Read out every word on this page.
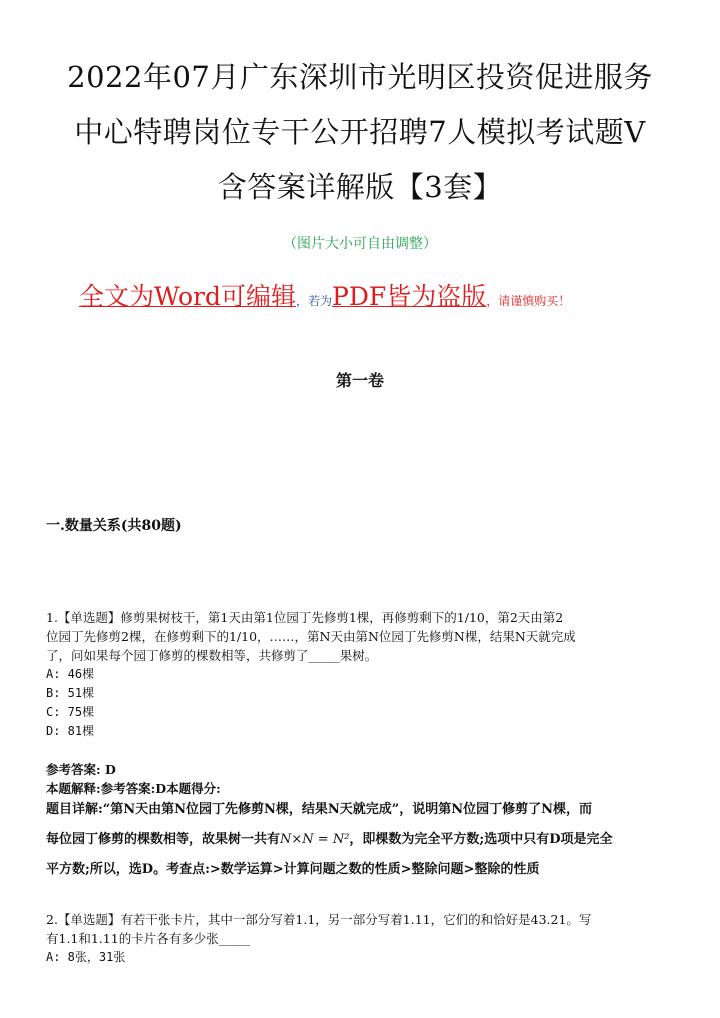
2022年07月广东深圳市光明区投资促进服务
中心特聘岗位专干公开招聘7人模拟考试题V
含答案详解版【3套】
（图片大小可自由调整）
全文为Word可编辑，若为PDF皆为盗版，请谨慎购买！
第一卷
一.数量关系(共80题)
1.【单选题】修剪果树枝干，第1天由第1位园丁先修剪1棵，再修剪剩下的1/10，第2天由第2
位园丁先修剪2棵，在修剪剩下的1/10，……，第N天由第N位园丁先修剪N棵，结果N天就完成
了，问如果每个园丁修剪的棵数相等，共修剪了_____果树。
A: 46棵
B: 51棵
C: 75棵
D: 81棵
参考答案: D
本题解释:参考答案:D本题得分:
题目详解:“第N天由第N位园丁先修剪N棵，结果N天就完成”，说明第N位园丁修剪了N棵，而
每位园丁修剪的棵数相等，故果树一共有N×N = N²，即棵数为完全平方数;选项中只有D项是完全
平方数;所以，选D。考查点:>数学运算>计算问题之数的性质>整除问题>整除的性质
2.【单选题】有若干张卡片，其中一部分写着1.1，另一部分写着1.11，它们的和恰好是43.21。写
有1.1和1.11的卡片各有多少张_____
A: 8张，31张
